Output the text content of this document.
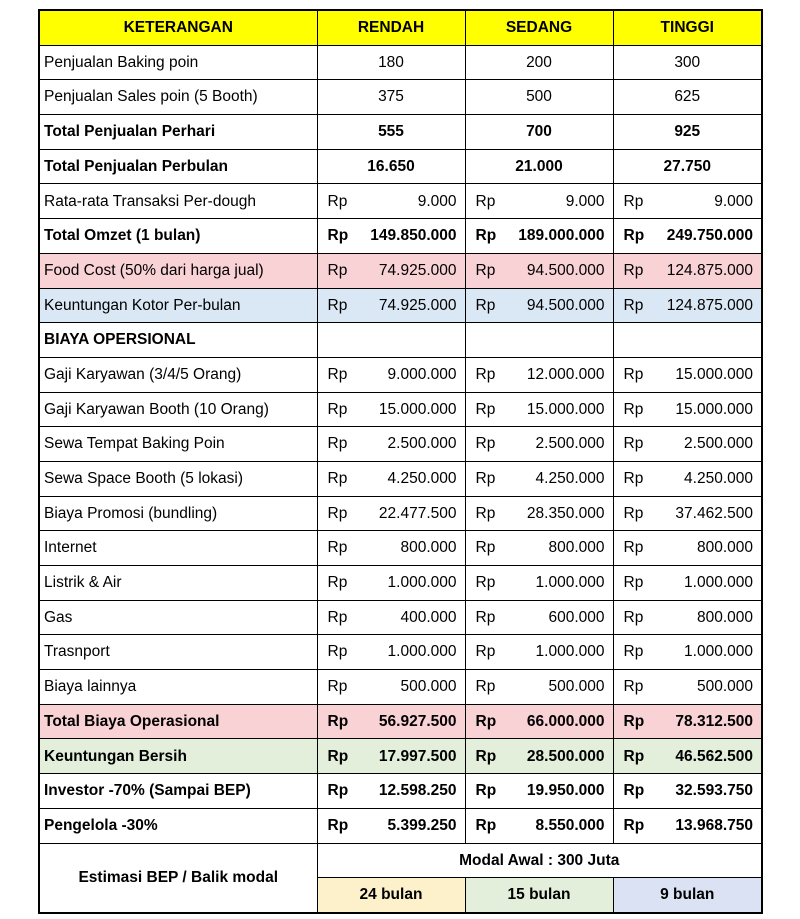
KETERANGAN	RENDAH	SEDANG	TINGGI
Penjualan Baking poin	180	200	300
Penjualan Sales poin (5 Booth)	375	500	625
Total Penjualan Perhari	555	700	925
Total Penjualan Perbulan	16.650	21.000	27.750
Rata-rata Transaksi Per-dough	Rp 9.000	Rp 9.000	Rp 9.000

Total Omzet (1 bulan)	Rp 149.850.000	Rp 189.000.000	Rp 249.750.000

Food Cost (50% dari harga jual)	Rp 74.925.000	Rp 94.500.000	Rp 124.875.000

Keuntungan Kotor Per-bulan	Rp 74.925.000	Rp 94.500.000	Rp 124.875.000

BIAYA OPERSIONAL			
Gaji Karyawan (3/4/5 Orang)	Rp 9.000.000	Rp 12.000.000	Rp 15.000.000

Gaji Karyawan Booth (10 Orang)	Rp 15.000.000	Rp 15.000.000	Rp 15.000.000

Sewa Tempat Baking Poin	Rp 2.500.000	Rp 2.500.000	Rp 2.500.000

Sewa Space Booth (5 lokasi)	Rp 4.250.000	Rp 4.250.000	Rp 4.250.000

Biaya Promosi (bundling)	Rp 22.477.500	Rp 28.350.000	Rp 37.462.500

Internet	Rp 800.000	Rp 800.000	Rp 800.000

Listrik & Air	Rp 1.000.000	Rp 1.000.000	Rp 1.000.000

Gas	Rp 400.000	Rp 600.000	Rp 800.000

Trasnport	Rp 1.000.000	Rp 1.000.000	Rp 1.000.000

Biaya lainnya	Rp 500.000	Rp 500.000	Rp 500.000

Total Biaya Operasional	Rp 56.927.500	Rp 66.000.000	Rp 78.312.500

Keuntungan Bersih	Rp 17.997.500	Rp 28.500.000	Rp 46.562.500

Investor -70% (Sampai BEP)	Rp 12.598.250	Rp 19.950.000	Rp 32.593.750

Pengelola -30%	Rp 5.399.250	Rp 8.550.000	Rp 13.968.750

Estimasi BEP / Balik modal	Modal Awal : 300 Juta		
	24 bulan	15 bulan	9 bulan
